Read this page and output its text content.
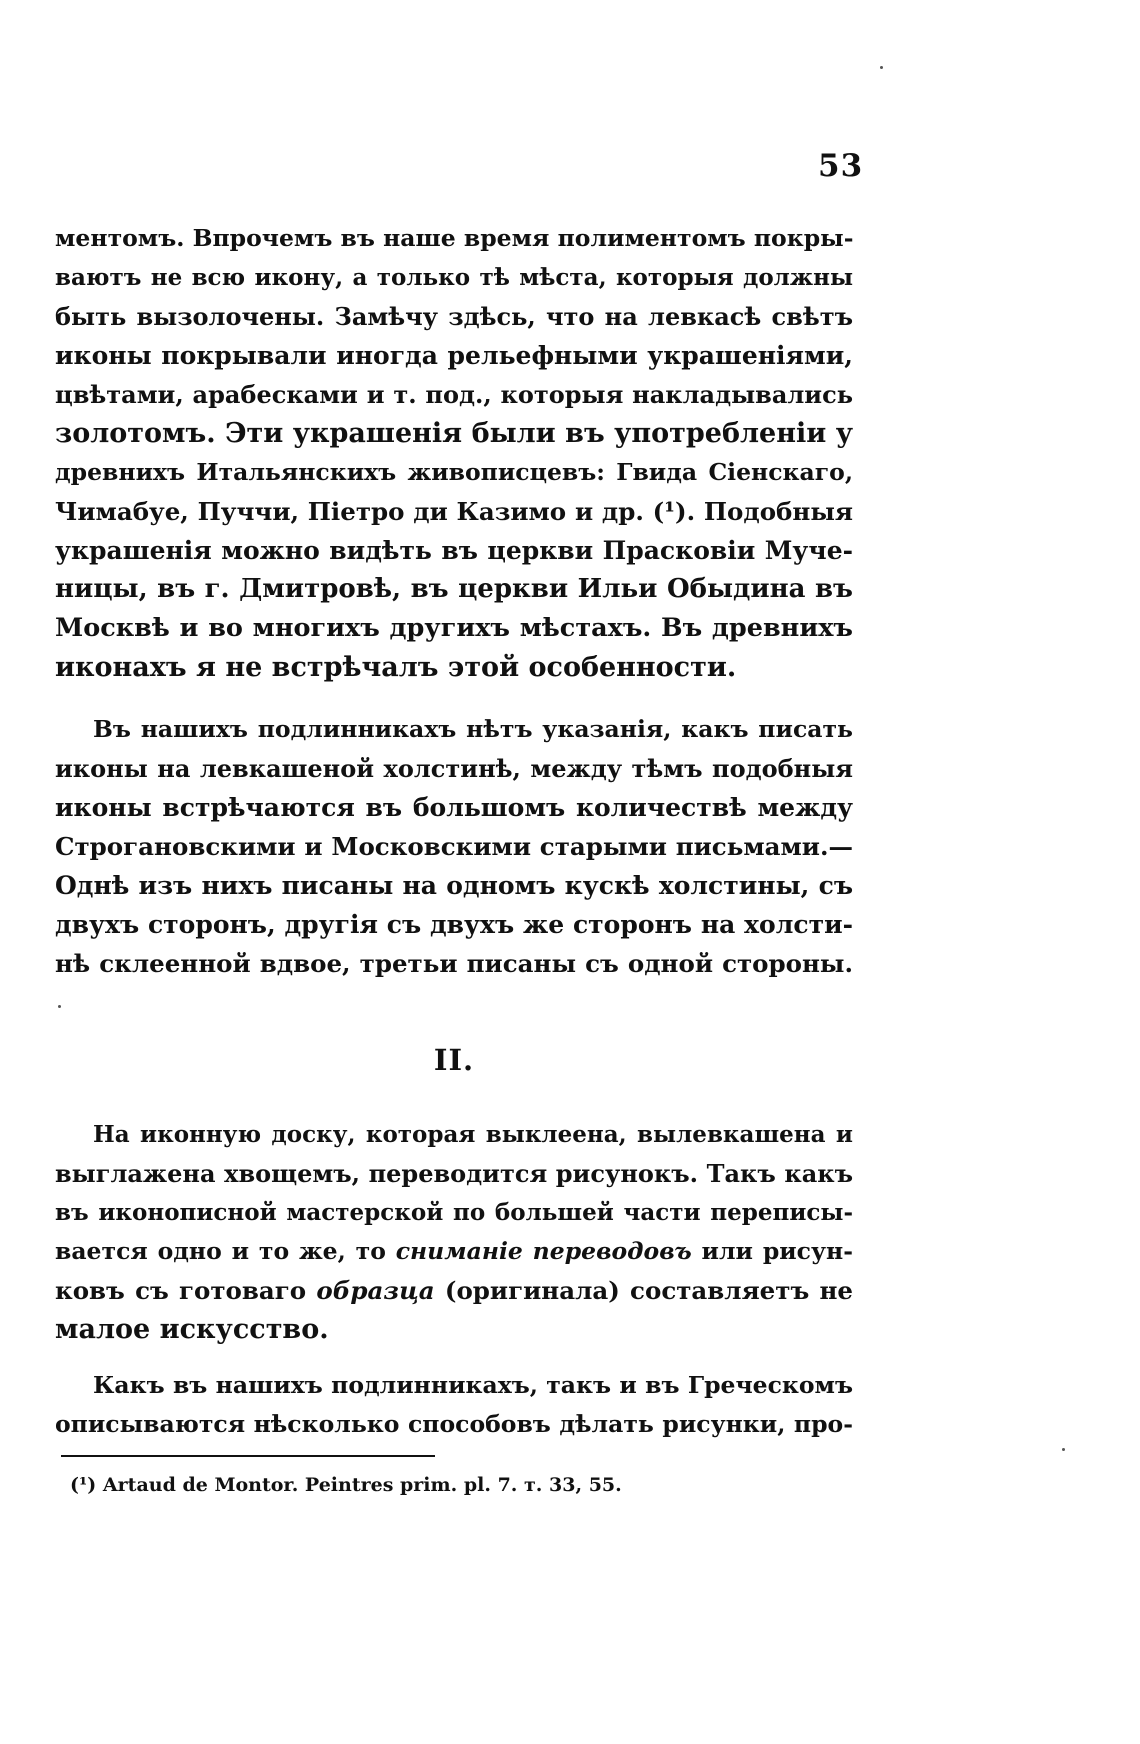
53
ментомъ. Впрочемъ въ наше время полиментомъ покры-
ваютъ не всю икону, а только тѣ мѣста, которыя должны
быть вызолочены. Замѣчу здѣсь, что на левкасѣ свѣтъ
иконы покрывали иногда рельефными украшеніями,
цвѣтами, арабесками и т. под., которыя накладывались
золотомъ. Эти украшенія были въ употребленіи у
древнихъ Итальянскихъ живописцевъ: Гвида Сіенскаго,
Чимабуе, Пуччи, Піетро ди Казимо и др. (¹). Подобныя
украшенія можно видѣть въ церкви Прасковіи Муче-
ницы, въ г. Дмитровѣ, въ церкви Ильи Обыдина въ
Москвѣ и во многихъ другихъ мѣстахъ. Въ древнихъ
иконахъ я не встрѣчалъ этой особенности.
Въ нашихъ подлинникахъ нѣтъ указанія, какъ писать
иконы на левкашеной холстинѣ, между тѣмъ подобныя
иконы встрѣчаются въ большомъ количествѣ между
Строгановскими и Московскими старыми письмами.—
Однѣ изъ нихъ писаны на одномъ кускѣ холстины, съ
двухъ сторонъ, другія съ двухъ же сторонъ на холсти-
нѣ склеенной вдвое, третьи писаны съ одной стороны.
II.
На иконную доску, которая выклеена, вылевкашена и
выглажена хвощемъ, переводится рисунокъ. Такъ какъ
въ иконописной мастерской по большей части переписы-
вается одно и то же, то сниманіе переводовъ или рисун-
ковъ съ готоваго образца (оригинала) составляетъ не
малое искусство.
Какъ въ нашихъ подлинникахъ, такъ и въ Греческомъ
описываются нѣсколько способовъ дѣлать рисунки, про-
(¹) Artaud de Montor. Peintres prim. pl. 7. т. 33, 55.
